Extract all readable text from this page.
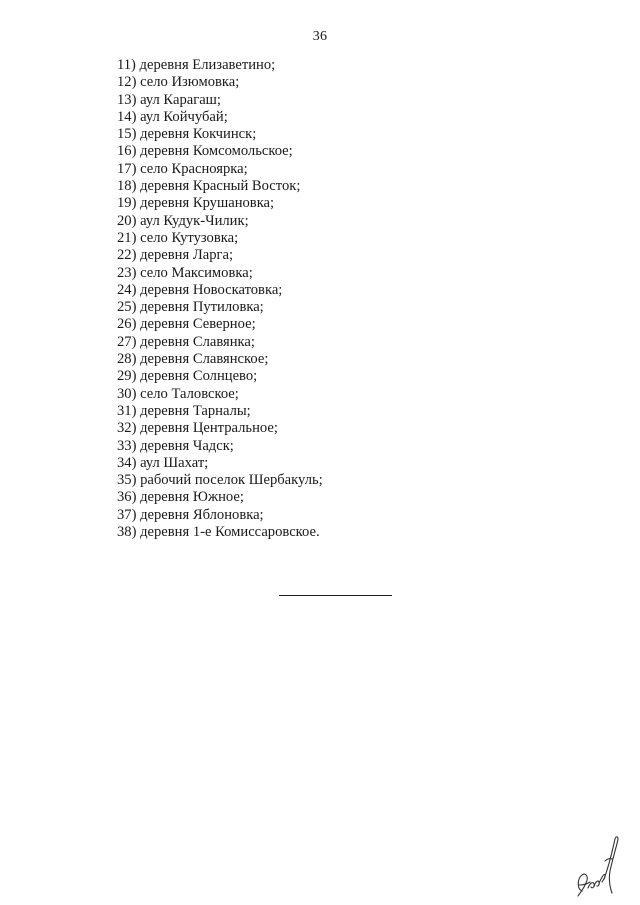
36
11) деревня Елизаветино;
12) село Изюмовка;
13) аул Карагаш;
14) аул Койчубай;
15) деревня Кокчинск;
16) деревня Комсомольское;
17) село Красноярка;
18) деревня Красный Восток;
19) деревня Крушановка;
20) аул Кудук-Чилик;
21) село Кутузовка;
22) деревня Ларга;
23) село Максимовка;
24) деревня Новоскатовка;
25) деревня Путиловка;
26) деревня Северное;
27) деревня Славянка;
28) деревня Славянское;
29) деревня Солнцево;
30) село Таловское;
31) деревня Тарналы;
32) деревня Центральное;
33) деревня Чадск;
34) аул Шахат;
35) рабочий поселок Шербакуль;
36) деревня Южное;
37) деревня Яблоновка;
38) деревня 1-е Комиссаровское.
